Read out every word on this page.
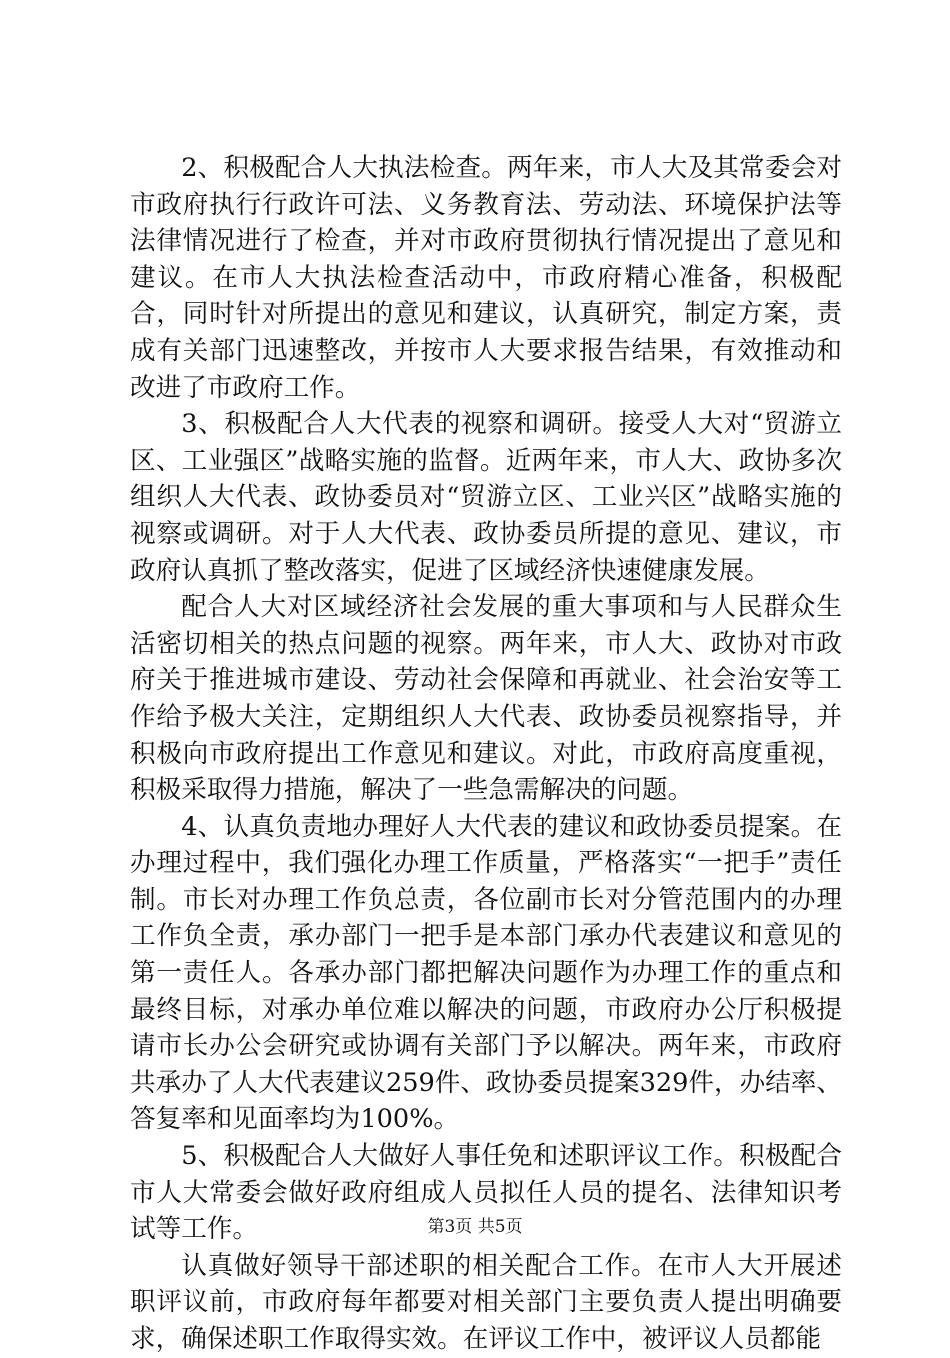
2、积极配合人大执法检查。两年来，市人大及其常委会对市政府执行行政许可法、义务教育法、劳动法、环境保护法等法律情况进行了检查，并对市政府贯彻执行情况提出了意见和建议。在市人大执法检查活动中，市政府精心准备，积极配合，同时针对所提出的意见和建议，认真研究，制定方案，责成有关部门迅速整改，并按市人大要求报告结果，有效推动和改进了市政府工作。

3、积极配合人大代表的视察和调研。接受人大对“贸游立区、工业强区”战略实施的监督。近两年来，市人大、政协多次组织人大代表、政协委员对“贸游立区、工业兴区”战略实施的视察或调研。对于人大代表、政协委员所提的意见、建议，市政府认真抓了整改落实，促进了区域经济快速健康发展。

配合人大对区域经济社会发展的重大事项和与人民群众生活密切相关的热点问题的视察。两年来，市人大、政协对市政府关于推进城市建设、劳动社会保障和再就业、社会治安等工作给予极大关注，定期组织人大代表、政协委员视察指导，并积极向市政府提出工作意见和建议。对此，市政府高度重视，积极采取得力措施，解决了一些急需解决的问题。

4、认真负责地办理好人大代表的建议和政协委员提案。在办理过程中，我们强化办理工作质量，严格落实“一把手”责任制。市长对办理工作负总责，各位副市长对分管范围内的办理工作负全责，承办部门一把手是本部门承办代表建议和意见的第一责任人。各承办部门都把解决问题作为办理工作的重点和最终目标，对承办单位难以解决的问题，市政府办公厅积极提请市长办公会研究或协调有关部门予以解决。两年来，市政府共承办了人大代表建议259件、政协委员提案329件，办结率、答复率和见面率均为100%。

5、积极配合人大做好人事任免和述职评议工作。积极配合市人大常委会做好政府组成人员拟任人员的提名、法律知识考试等工作。

认真做好领导干部述职的相关配合工作。在市人大开展述职评议前，市政府每年都要对相关部门主要负责人提出明确要求，确保述职工作取得实效。在评议工作中，被评议人员都能

第3页 共5页
